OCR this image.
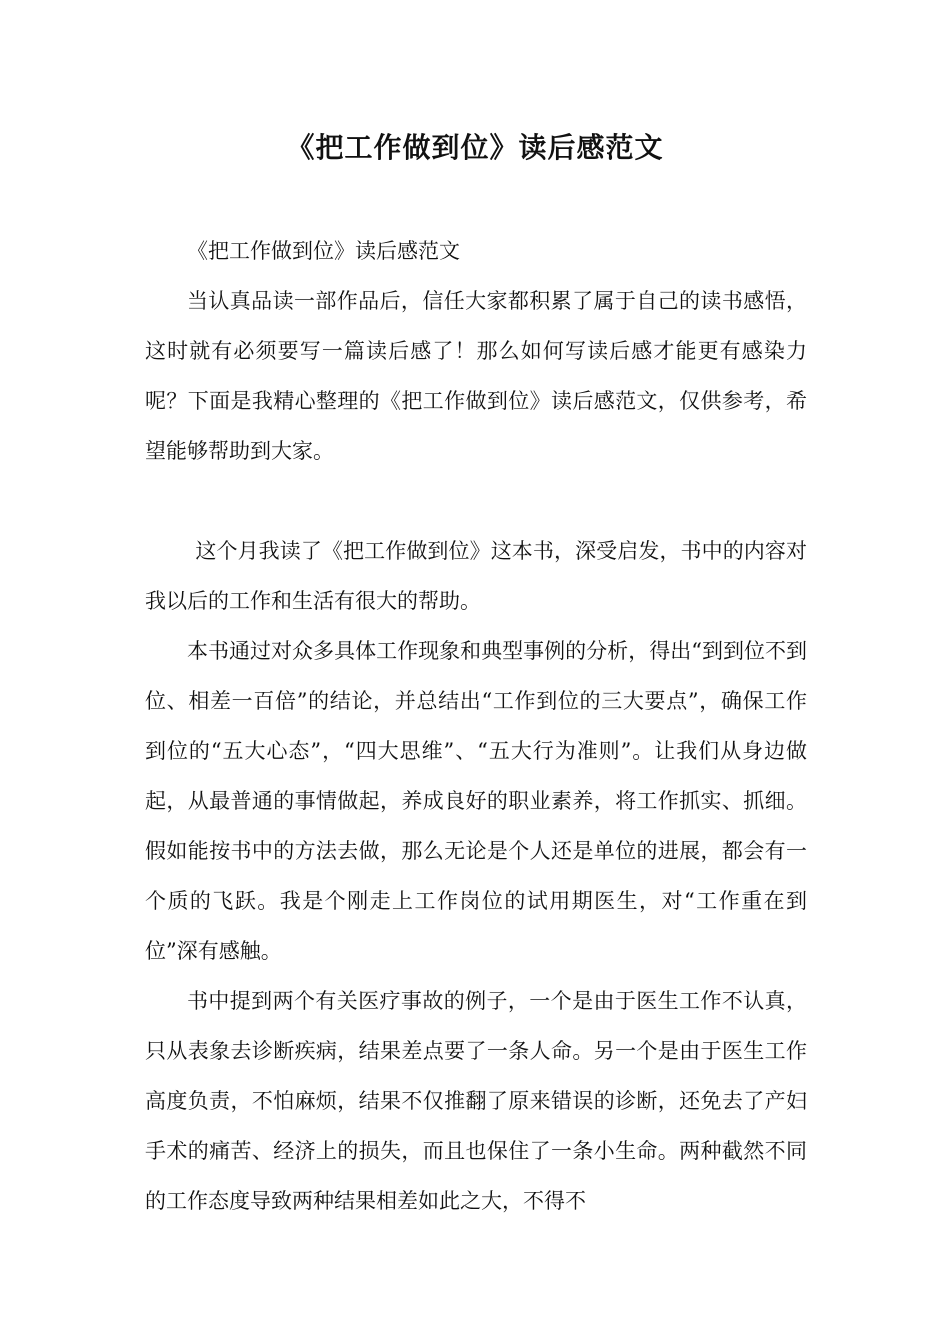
《把工作做到位》读后感范文

《把工作做到位》读后感范文

当认真品读一部作品后，信任大家都积累了属于自己的读书感悟，这时就有必须要写一篇读后感了！那么如何写读后感才能更有感染力呢？下面是我精心整理的《把工作做到位》读后感范文，仅供参考，希望能够帮助到大家。

这个月我读了《把工作做到位》这本书，深受启发，书中的内容对我以后的工作和生活有很大的帮助。

本书通过对众多具体工作现象和典型事例的分析，得出“到到位不到位、相差一百倍”的结论，并总结出“工作到位的三大要点”，确保工作到位的“五大心态”，“四大思维”、“五大行为准则”。让我们从身边做起，从最普通的事情做起，养成良好的职业素养，将工作抓实、抓细。假如能按书中的方法去做，那么无论是个人还是单位的进展，都会有一个质的飞跃。我是个刚走上工作岗位的试用期医生，对“工作重在到位”深有感触。

书中提到两个有关医疗事故的例子，一个是由于医生工作不认真，只从表象去诊断疾病，结果差点要了一条人命。另一个是由于医生工作高度负责，不怕麻烦，结果不仅推翻了原来错误的诊断，还免去了产妇手术的痛苦、经济上的损失，而且也保住了一条小生命。两种截然不同的工作态度导致两种结果相差如此之大，不得不
